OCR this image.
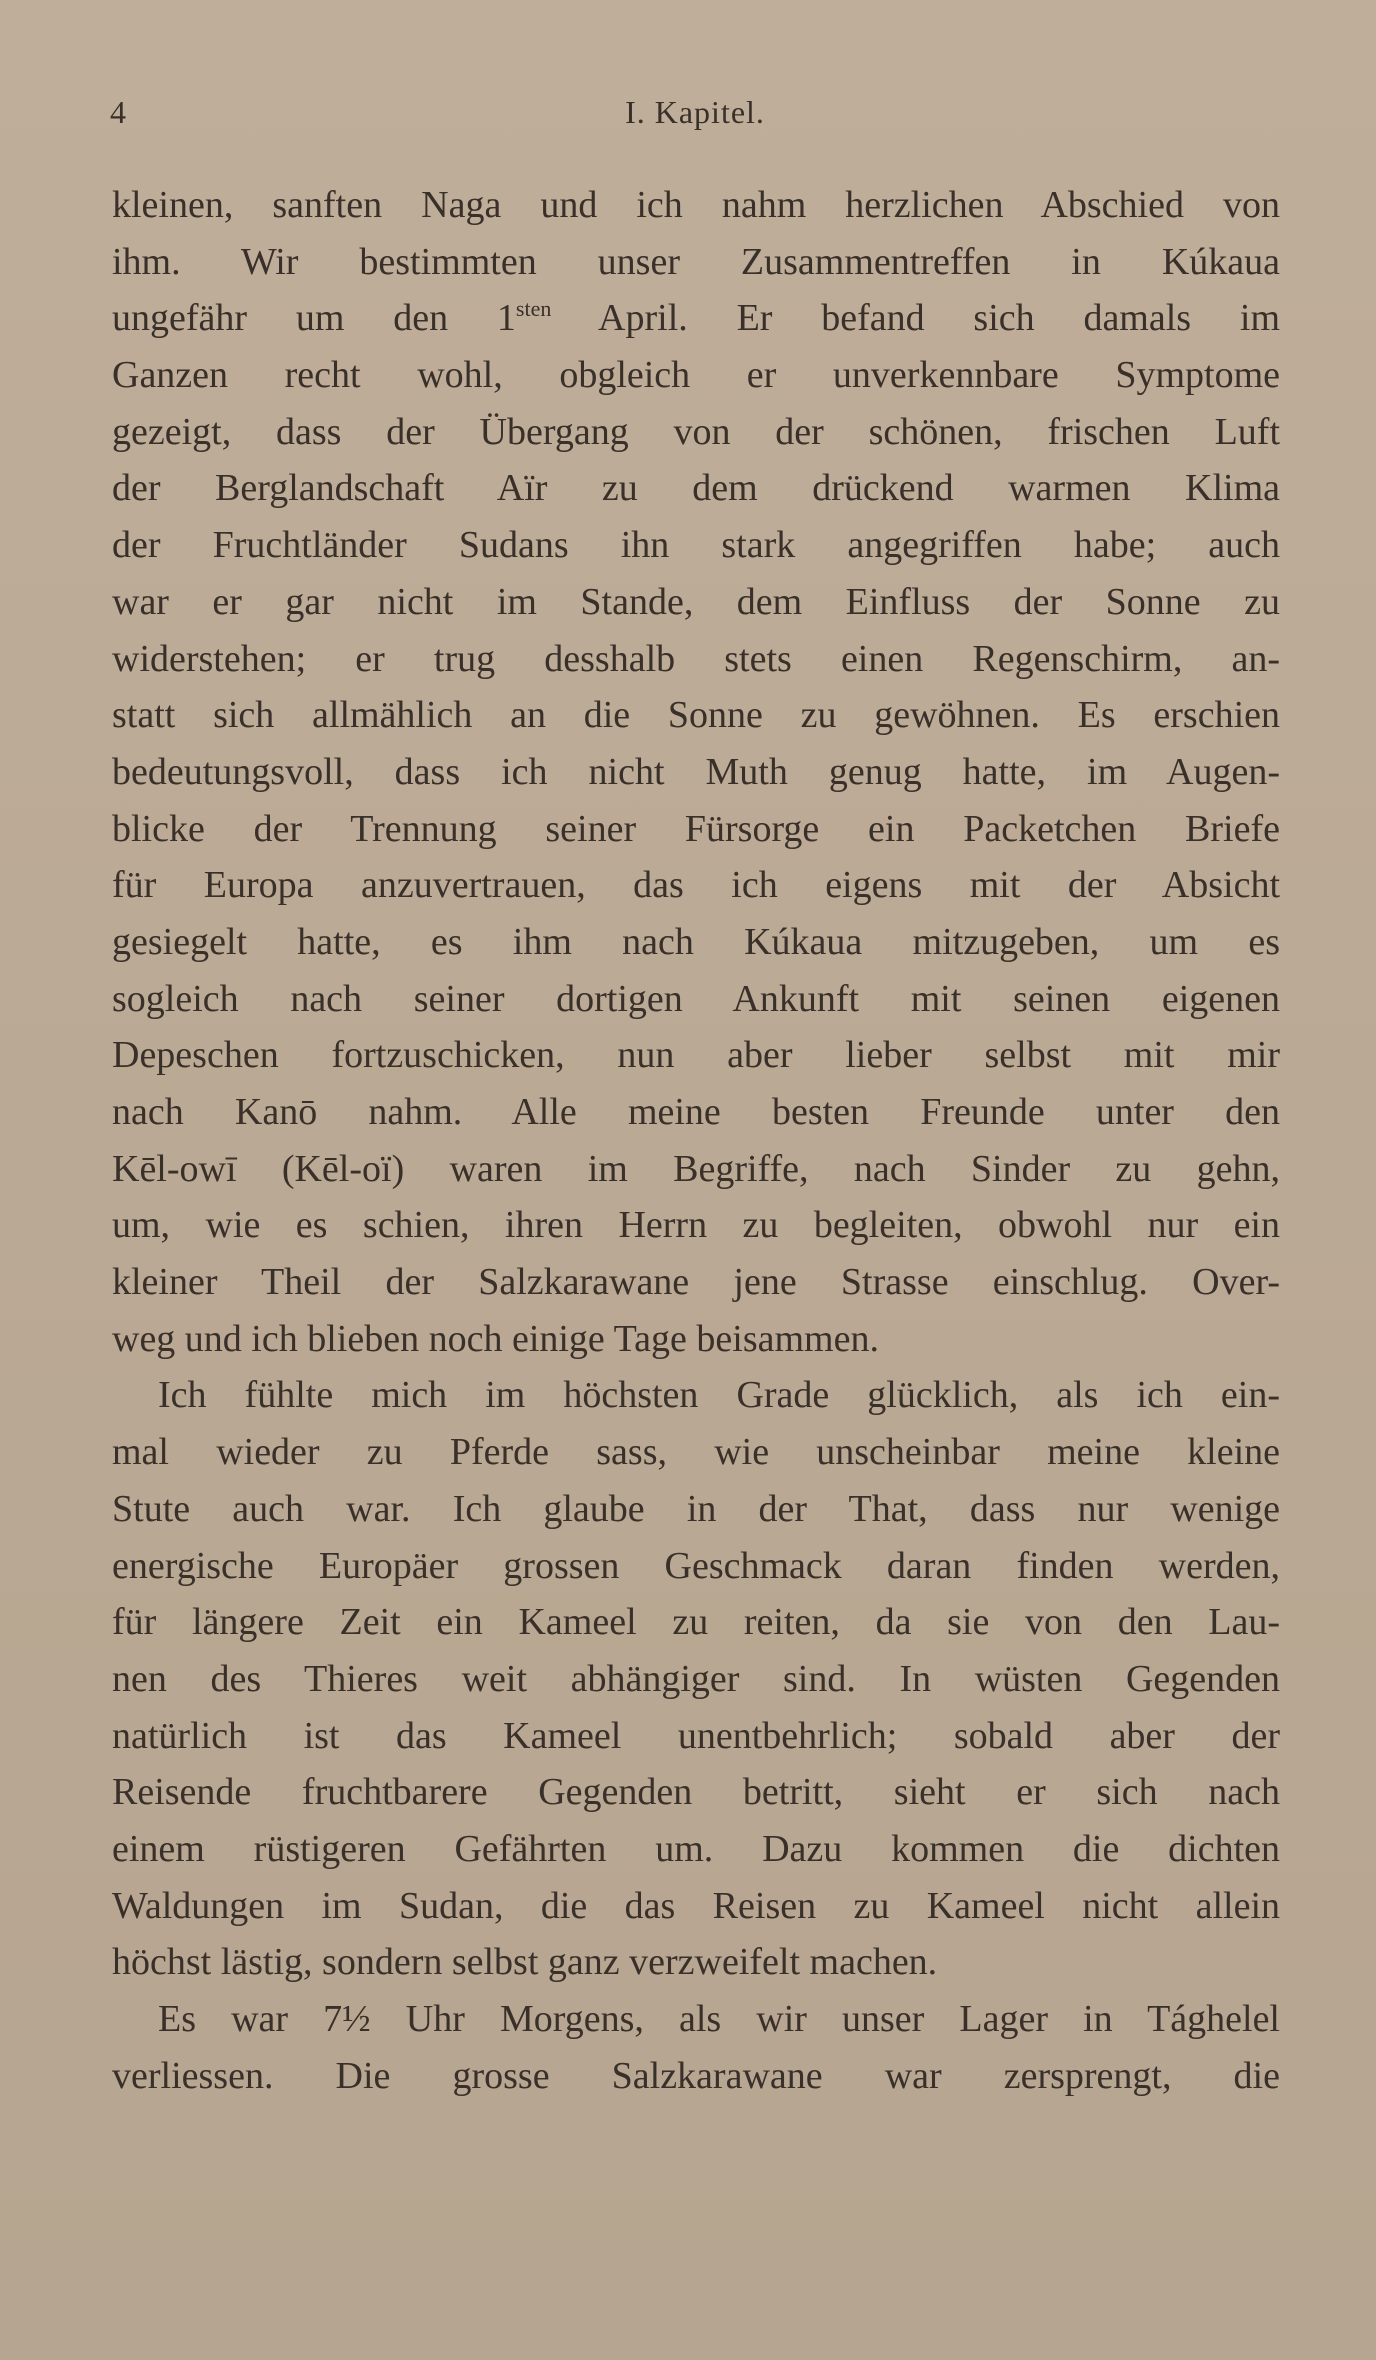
4	I. Kapitel.
kleinen, sanften Naga und ich nahm herzlichen Abschied von
ihm. Wir bestimmten unser Zusammentreffen in Kúkaua
ungefähr um den $1^{sten}$ April. Er befand sich damals im
Ganzen recht wohl, obgleich er unverkennbare Symptome
gezeigt, dass der Übergang von der schönen, frischen Luft
der Berglandschaft Aïr zu dem drückend warmen Klima
der Fruchtländer Sudans ihn stark angegriffen habe; auch
war er gar nicht im Stande, dem Einfluss der Sonne zu
widerstehen; er trug desshalb stets einen Regenschirm, an-
statt sich allmählich an die Sonne zu gewöhnen. Es erschien
bedeutungsvoll, dass ich nicht Muth genug hatte, im Augen-
blicke der Trennung seiner Fürsorge ein Packetchen Briefe
für Europa anzuvertrauen, das ich eigens mit der Absicht
gesiegelt hatte, es ihm nach Kúkaua mitzugeben, um es
sogleich nach seiner dortigen Ankunft mit seinen eigenen
Depeschen fortzuschicken, nun aber lieber selbst mit mir
nach Kanō nahm. Alle meine besten Freunde unter den
Kēl-owī (Kēl-oï) waren im Begriffe, nach Sinder zu gehn,
um, wie es schien, ihren Herrn zu begleiten, obwohl nur ein
kleiner Theil der Salzkarawane jene Strasse einschlug. Over-
weg und ich blieben noch einige Tage beisammen.
Ich fühlte mich im höchsten Grade glücklich, als ich ein-
mal wieder zu Pferde sass, wie unscheinbar meine kleine
Stute auch war. Ich glaube in der That, dass nur wenige
energische Europäer grossen Geschmack daran finden werden,
für längere Zeit ein Kameel zu reiten, da sie von den Lau-
nen des Thieres weit abhängiger sind. In wüsten Gegenden
natürlich ist das Kameel unentbehrlich; sobald aber der
Reisende fruchtbarere Gegenden betritt, sieht er sich nach
einem rüstigeren Gefährten um. Dazu kommen die dichten
Waldungen im Sudan, die das Reisen zu Kameel nicht allein
höchst lästig, sondern selbst ganz verzweifelt machen.
Es war 7½ Uhr Morgens, als wir unser Lager in Tághelel
verliessen. Die grosse Salzkarawane war zersprengt, die
